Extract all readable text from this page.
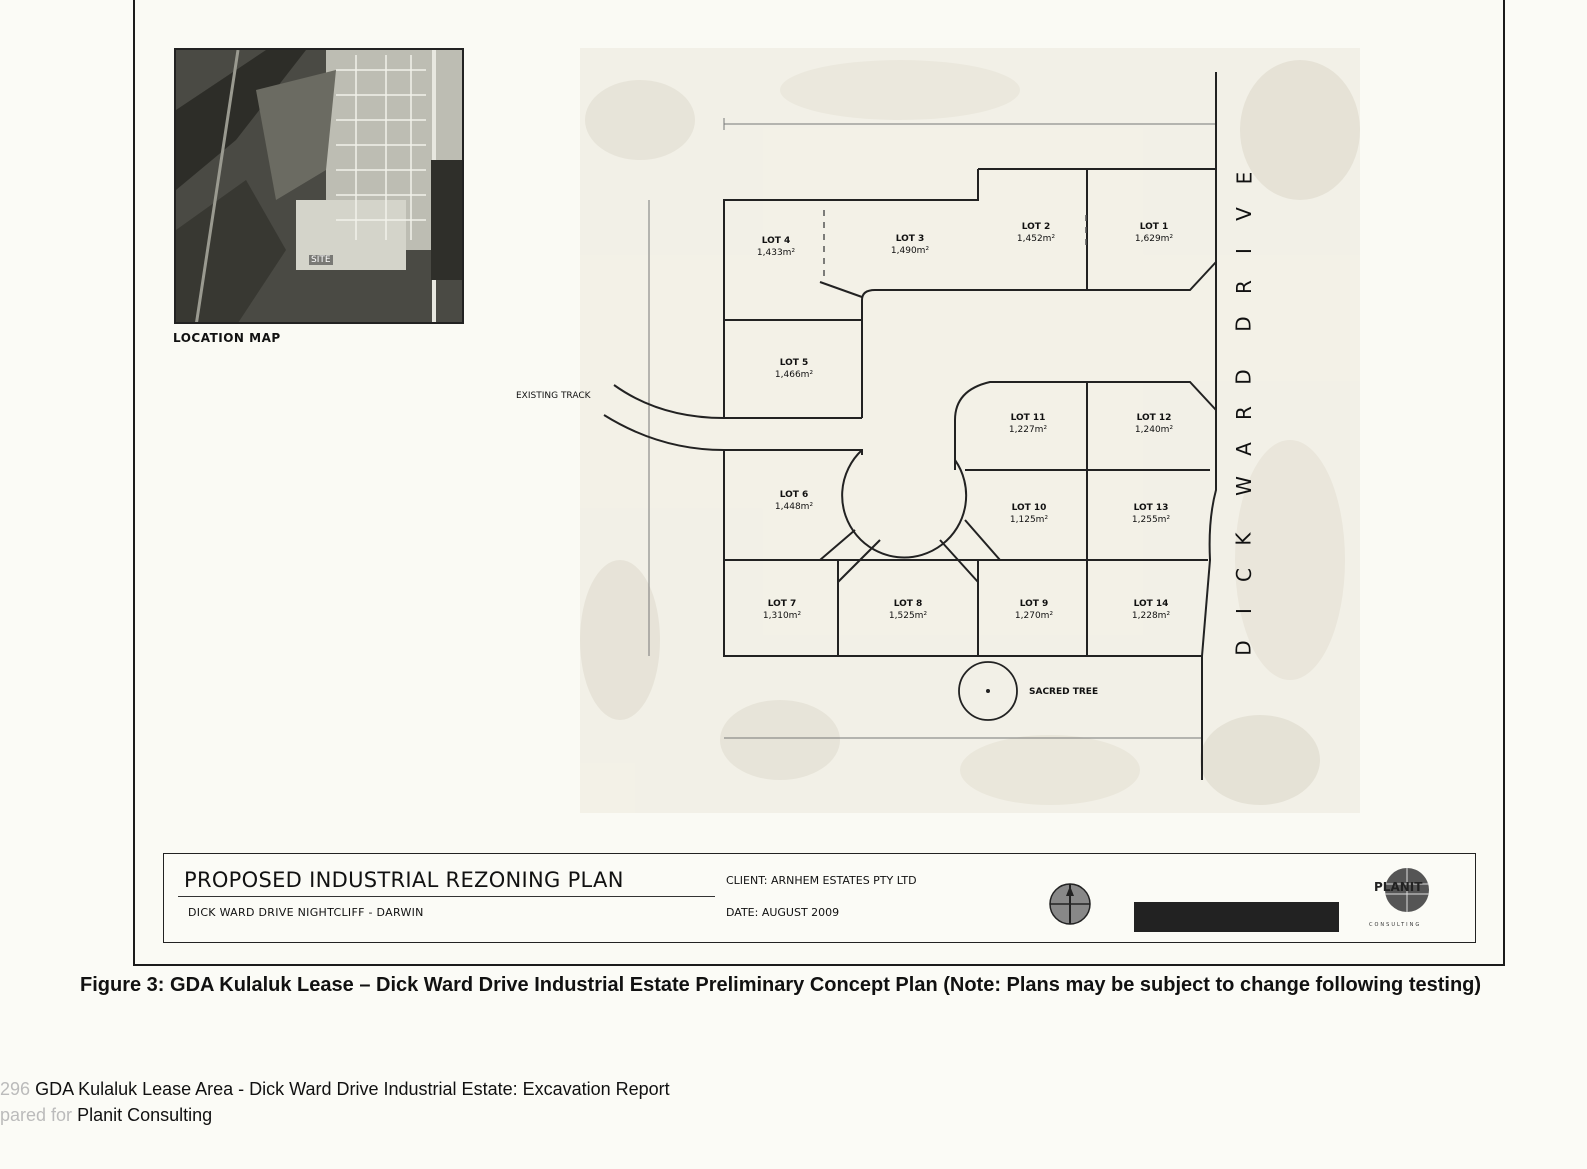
SITE
LOCATION MAP
LOT 1
1,629m²
LOT 2
1,452m²
LOT 3
1,490m²
LOT 4
1,433m²
LOT 5
1,466m²
LOT 6
1,448m²
LOT 7
1,310m²
LOT 8
1,525m²
LOT 9
1,270m²
LOT 10
1,125m²
LOT 11
1,227m²
LOT 12
1,240m²
LOT 13
1,255m²
LOT 14
1,228m²
EXISTING TRACK
SACRED TREE
E
V
I
R
D
D
R
A
W
K
C
I
D
PROPOSED INDUSTRIAL REZONING PLAN
DICK WARD DRIVE NIGHTCLIFF - DARWIN
CLIENT: ARNHEM ESTATES PTY LTD
DATE: AUGUST 2009
PLANIT
CONSULTING
Figure 3: GDA Kulaluk Lease – Dick Ward Drive Industrial Estate Preliminary Concept Plan (Note: Plans may be subject to change following testing)
296 GDA Kulaluk Lease Area - Dick Ward Drive Industrial Estate: Excavation Report
pared for Planit Consulting
